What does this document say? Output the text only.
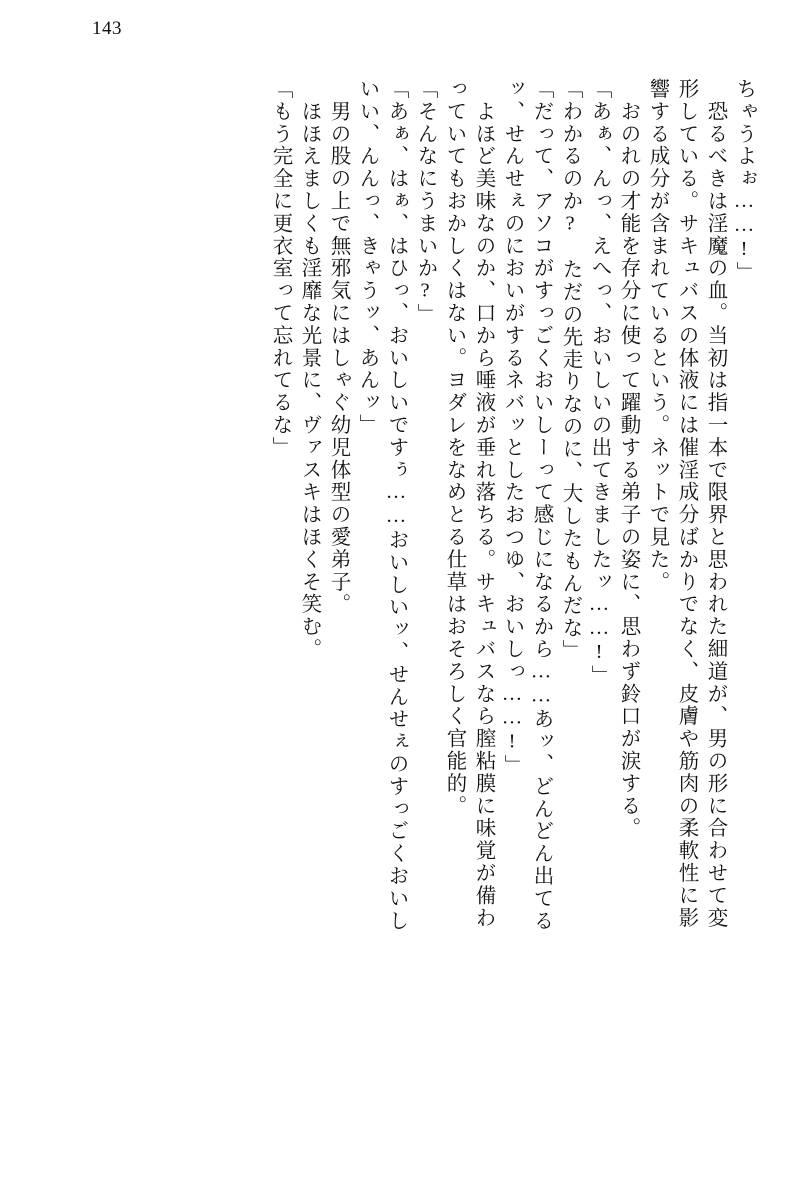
143
ちゃうよぉ……!」
　恐るべきは淫魔の血。当初は指一本で限界と思われた細道が、男の形に合わせて変
形している。サキュバスの体液には催淫成分ばかりでなく、皮膚や筋肉の柔軟性に影
響する成分が含まれているという。ネットで見た。
　おのれの才能を存分に使って躍動する弟子の姿に、思わず鈴口が涙する。
「あぁ、んっ、えへっ、おいしいの出てきましたッ……!」
「わかるのか?　ただの先走りなのに、大したもんだな」
「だって、アソコがすっごくおいしーって感じになるから……あッ、どんどん出てる
ッ、せんせぇのにおいがするネバッとしたおつゆ、おいしっ……!」
　よほど美味なのか、口から唾液が垂れ落ちる。サキュバスなら膣粘膜に味覚が備わ
っていてもおかしくはない。ヨダレをなめとる仕草はおそろしく官能的。
「そんなにうまいか?」
「あぁ、はぁ、はひっ、おいしいですぅ……おいしいッ、せんせぇのすっごくおいし
いい、んんっ、きゃうッ、あんッ」
　男の股の上で無邪気にはしゃぐ幼児体型の愛弟子。
　ほほえましくも淫靡な光景に、ヴァスキはほくそ笑む。
「もう完全に更衣室って忘れてるな」
